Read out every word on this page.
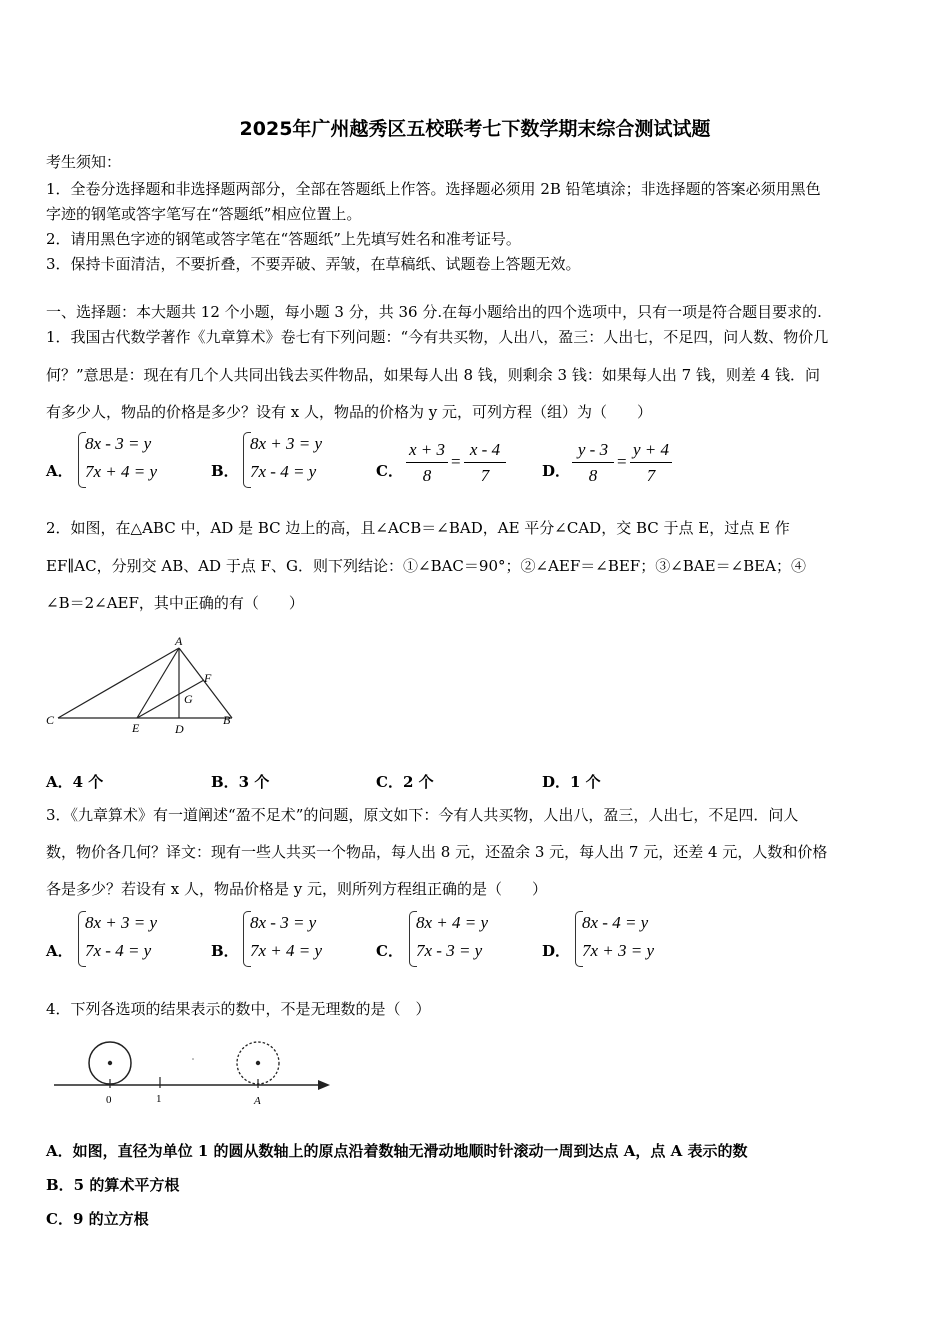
2025年广州越秀区五校联考七下数学期末综合测试试题
考生须知：
1．全卷分选择题和非选择题两部分，全部在答题纸上作答。选择题必须用 2B 铅笔填涂；非选择题的答案必须用黑色
字迹的钢笔或答字笔写在“答题纸”相应位置上。
2．请用黑色字迹的钢笔或答字笔在“答题纸”上先填写姓名和准考证号。
3．保持卡面清洁，不要折叠，不要弄破、弄皱，在草稿纸、试题卷上答题无效。
一、选择题：本大题共 12 个小题，每小题 3 分，共 36 分.在每小题给出的四个选项中，只有一项是符合题目要求的.
1．我国古代数学著作《九章算术》卷七有下列问题：“今有共买物，人出八，盈三：人出七，不足四，问人数、物价几
何？”意思是：现在有几个人共同出钱去买件物品，如果每人出 8 钱，则剩余 3 钱：如果每人出 7 钱，则差 4 钱．问
有多少人，物品的价格是多少？设有 x 人，物品的价格为 y 元，可列方程（组）为（　　）
A．
8x - 3 = y
7x + 4 = y	B．
8x + 3 = y
7x - 4 = y	C．
x + 3
8
=
x - 4
7	D．
y - 3
8
=
y + 4
7
2．如图，在△ABC 中，AD 是 BC 边上的高，且∠ACB＝∠BAD，AE 平分∠CAD，交 BC 于点 E，过点 E 作
EF∥AC，分别交 AB、AD 于点 F、G．则下列结论：①∠BAC＝90°；②∠AEF＝∠BEF；③∠BAE＝∠BEA；④
∠B＝2∠AEF，其中正确的有（　　）
A
F
G
C
E	D
B
A．4 个	B．3 个	C．2 个	D．1 个
3．《九章算术》有一道阐述“盈不足术”的问题，原文如下：今有人共买物，人出八，盈三，人出七，不足四．问人
数，物价各几何？译文：现有一些人共买一个物品，每人出 8 元，还盈余 3 元，每人出 7 元，还差 4 元，人数和价格
各是多少？若设有 x 人，物品价格是 y 元，则所列方程组正确的是（　　）
A．
8x + 3 = y
7x - 4 = y	B．
8x - 3 = y
7x + 4 = y	C．
8x + 4 = y
7x - 3 = y	D．
8x - 4 = y
7x + 3 = y
4．下列各选项的结果表示的数中，不是无理数的是（　）
0	1	A
A．如图，直径为单位 1 的圆从数轴上的原点沿着数轴无滑动地顺时针滚动一周到达点 A，点 A 表示的数
B．5 的算术平方根
C．9 的立方根
